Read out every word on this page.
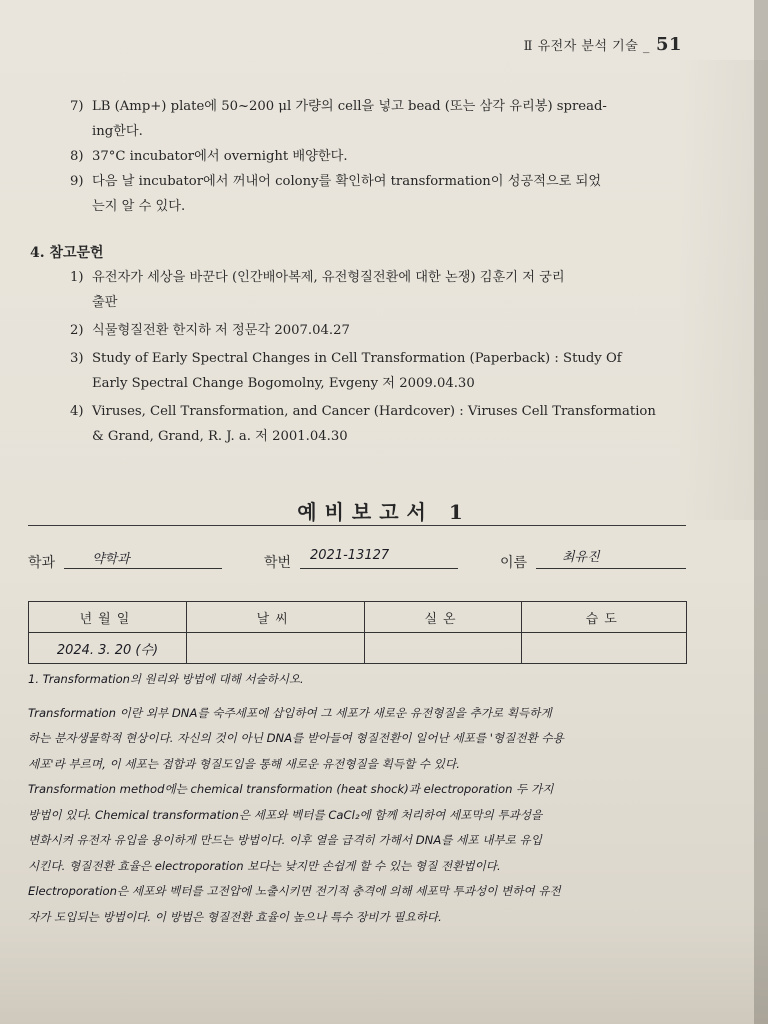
Ⅱ 유전자 분석 기술 _ 51
7) LB (Amp+) plate에 50~200 μl 가량의 cell을 넣고 bead (또는 삼각 유리봉) spread-
ing한다.
8) 37°C incubator에서 overnight 배양한다.
9) 다음 날 incubator에서 꺼내어 colony를 확인하여 transformation이 성공적으로 되었
는지 알 수 있다.
4. 참고문헌
1) 유전자가 세상을 바꾼다 (인간배아복제, 유전형질전환에 대한 논쟁) 김훈기 저 궁리
출판
2) 식물형질전환 한지하 저 정문각 2007.04.27
3) Study of Early Spectral Changes in Cell Transformation (Paperback) : Study Of
Early Spectral Change Bogomolny, Evgeny 저 2009.04.30
4) Viruses, Cell Transformation, and Cancer (Hardcover) : Viruses Cell Transformation
& Grand, Grand, R. J. a. 저 2001.04.30
예비보고서 1
학과	약학과	학번 2021-13127	이름	최유진
년월일	날씨	실온	습도
2024. 3. 20 (수)			
1. Transformation의 원리와 방법에 대해 서술하시오.

Transformation 이란 외부 DNA를 숙주세포에 삽입하여 그 세포가 새로운 유전형질을 추가로 획득하게

하는 분자생물학적 현상이다. 자신의 것이 아닌 DNA를 받아들여 형질전환이 일어난 세포를 '형질전환 수용

세포'라 부르며, 이 세포는 접합과 형질도입을 통해 새로운 유전형질을 획득할 수 있다.

Transformation method에는 chemical transformation (heat shock)과 electroporation 두 가지

방법이 있다. Chemical transformation은 세포와 벡터를 CaCl₂에 함께 처리하여 세포막의 투과성을

변화시켜 유전자 유입을 용이하게 만드는 방법이다. 이후 열을 급격히 가해서 DNA를 세포 내부로 유입

시킨다. 형질전환 효율은 electroporation 보다는 낮지만 손쉽게 할 수 있는 형질 전환법이다.

Electroporation은 세포와 벡터를 고전압에 노출시키면 전기적 충격에 의해 세포막 투과성이 변하여 유전

자가 도입되는 방법이다. 이 방법은 형질전환 효율이 높으나 특수 장비가 필요하다.
